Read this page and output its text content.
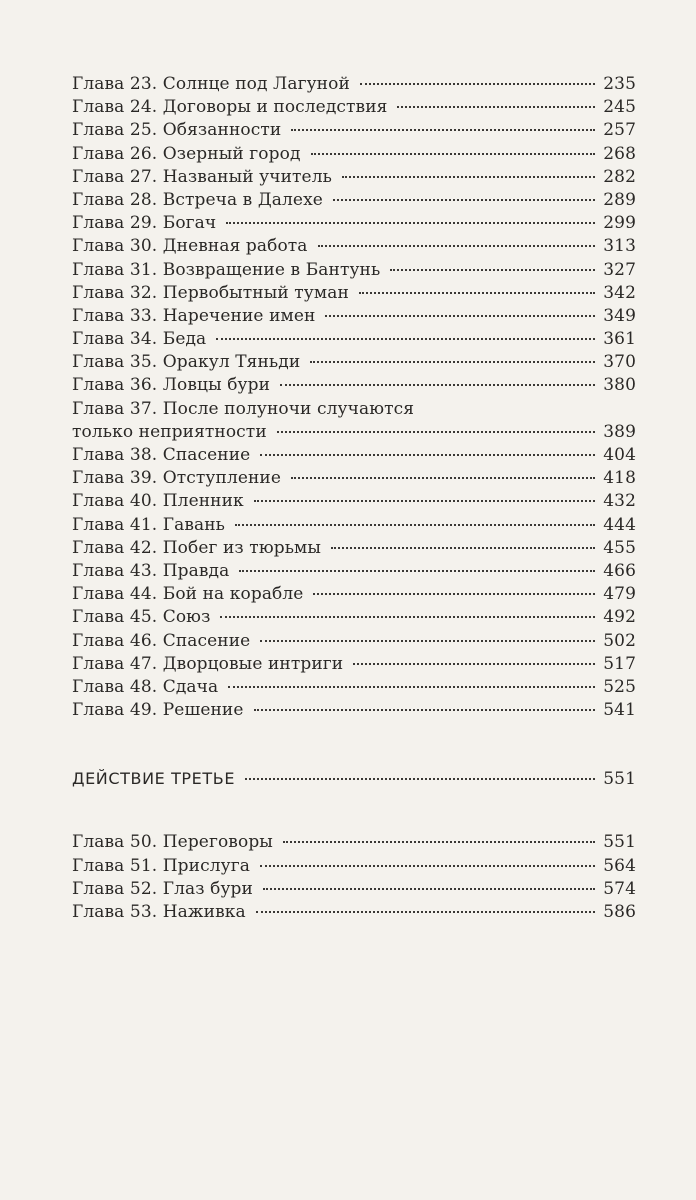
Глава 23. Солнце под Лагуной	235
Глава 24. Договоры и последствия	245
Глава 25. Обязанности	257
Глава 26. Озерный город	268
Глава 27. Названый учитель	282
Глава 28. Встреча в Далехе	289
Глава 29. Богач	299
Глава 30. Дневная работа	313
Глава 31. Возвращение в Бантунь	327
Глава 32. Первобытный туман	342
Глава 33. Наречение имен	349
Глава 34. Беда	361
Глава 35. Оракул Тяньди	370
Глава 36. Ловцы бури	380
Глава 37. После полуночи случаются
только неприятности	389
Глава 38. Спасение	404
Глава 39. Отступление	418
Глава 40. Пленник	432
Глава 41. Гавань	444
Глава 42. Побег из тюрьмы	455
Глава 43. Правда	466
Глава 44. Бой на корабле	479
Глава 45. Союз	492
Глава 46. Спасение	502
Глава 47. Дворцовые интриги	517
Глава 48. Сдача	525
Глава 49. Решение	541
ДЕЙСТВИЕ ТРЕТЬЕ	551
Глава 50. Переговоры	551
Глава 51. Прислуга	564
Глава 52. Глаз бури	574
Глава 53. Наживка	586
